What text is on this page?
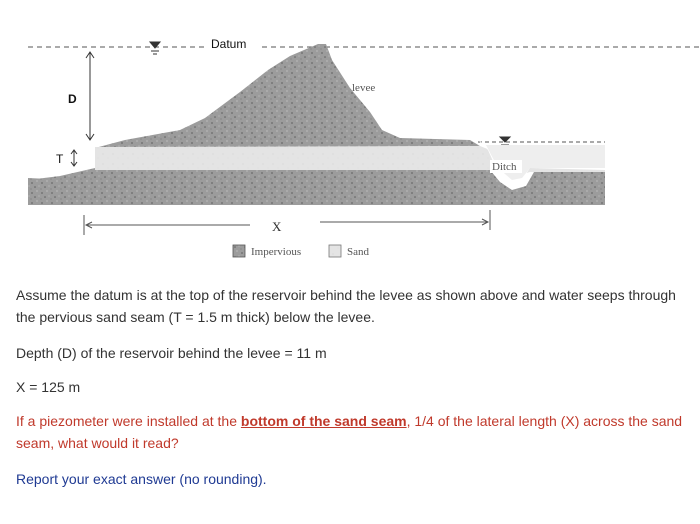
Datum
levee
Ditch
D
T
X
Impervious	Sand
Assume the datum is at the top of the reservoir behind the levee as shown above and water seeps through the pervious sand seam (T = 1.5 m thick) below the levee.
Depth (D) of the reservoir behind the levee = 11 m
X = 125 m
If a piezometer were installed at the bottom of the sand seam, 1/4 of the lateral length (X) across the sand seam, what would it read?
Report your exact answer (no rounding).
